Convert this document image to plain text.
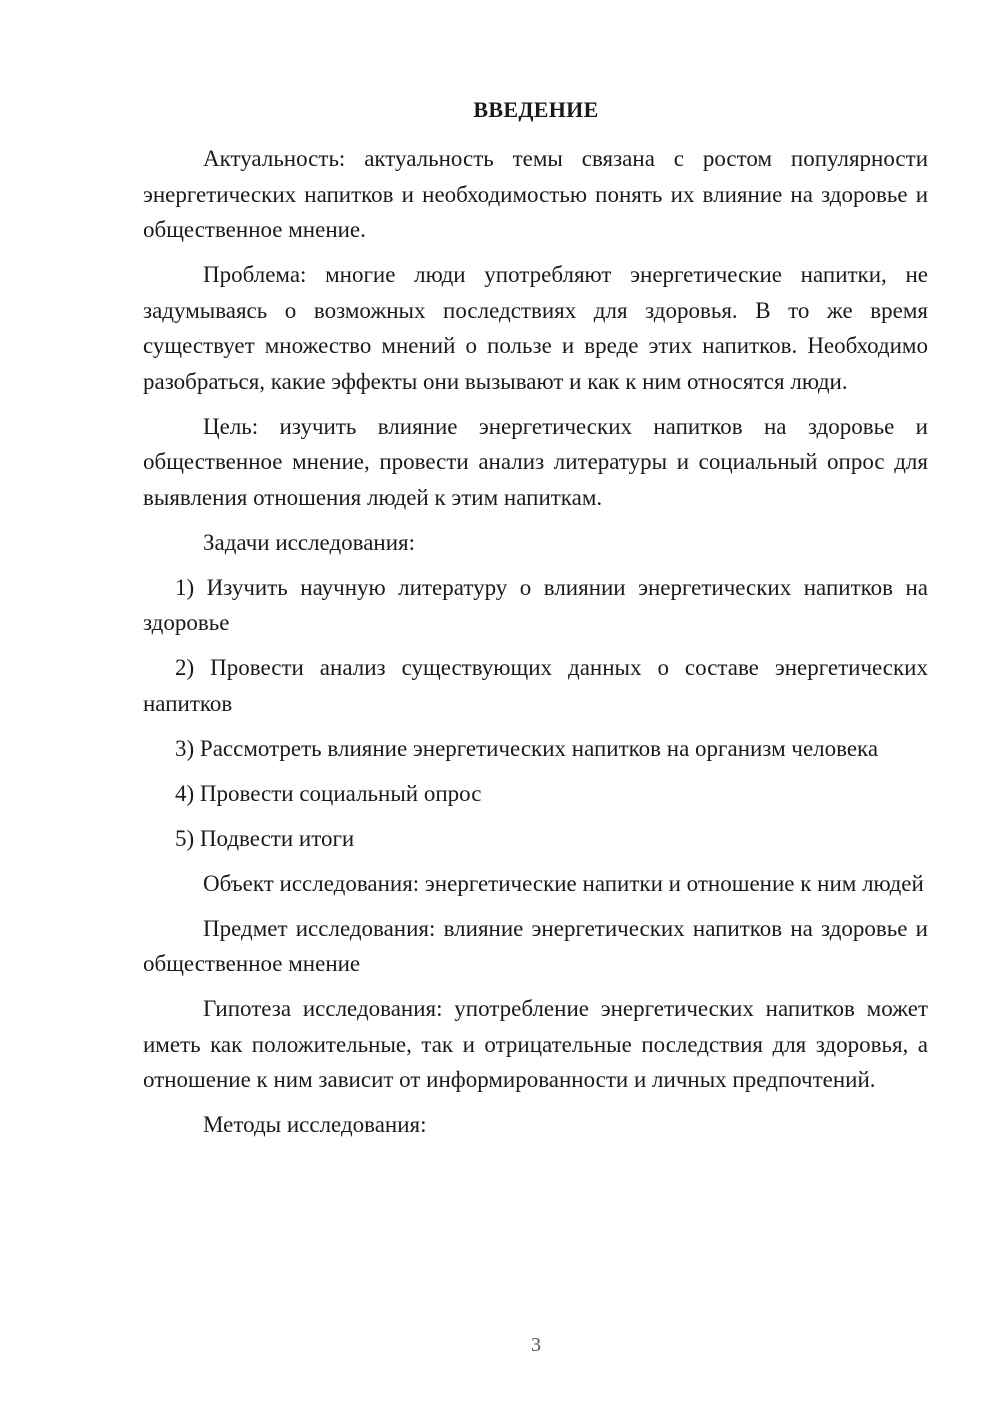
ВВЕДЕНИЕ

Актуальность: актуальность темы связана с ростом популярности энергетических напитков и необходимостью понять их влияние на здоровье и общественное мнение.

Проблема: многие люди употребляют энергетические напитки, не задумываясь о возможных последствиях для здоровья. В то же время существует множество мнений о пользе и вреде этих напитков. Необходимо разобраться, какие эффекты они вызывают и как к ним относятся люди.

Цель: изучить влияние энергетических напитков на здоровье и общественное мнение, провести анализ литературы и социальный опрос для выявления отношения людей к этим напиткам.

Задачи исследования:

1) Изучить научную литературу о влиянии энергетических напитков на здоровье

2) Провести анализ существующих данных о составе энергетических напитков

3) Рассмотреть влияние энергетических напитков на организм человека

4) Провести социальный опрос

5) Подвести итоги

Объект исследования: энергетические напитки и отношение к ним людей

Предмет исследования: влияние энергетических напитков на здоровье и общественное мнение

Гипотеза исследования: употребление энергетических напитков может иметь как положительные, так и отрицательные последствия для здоровья, а отношение к ним зависит от информированности и личных предпочтений.

Методы исследования:

3
